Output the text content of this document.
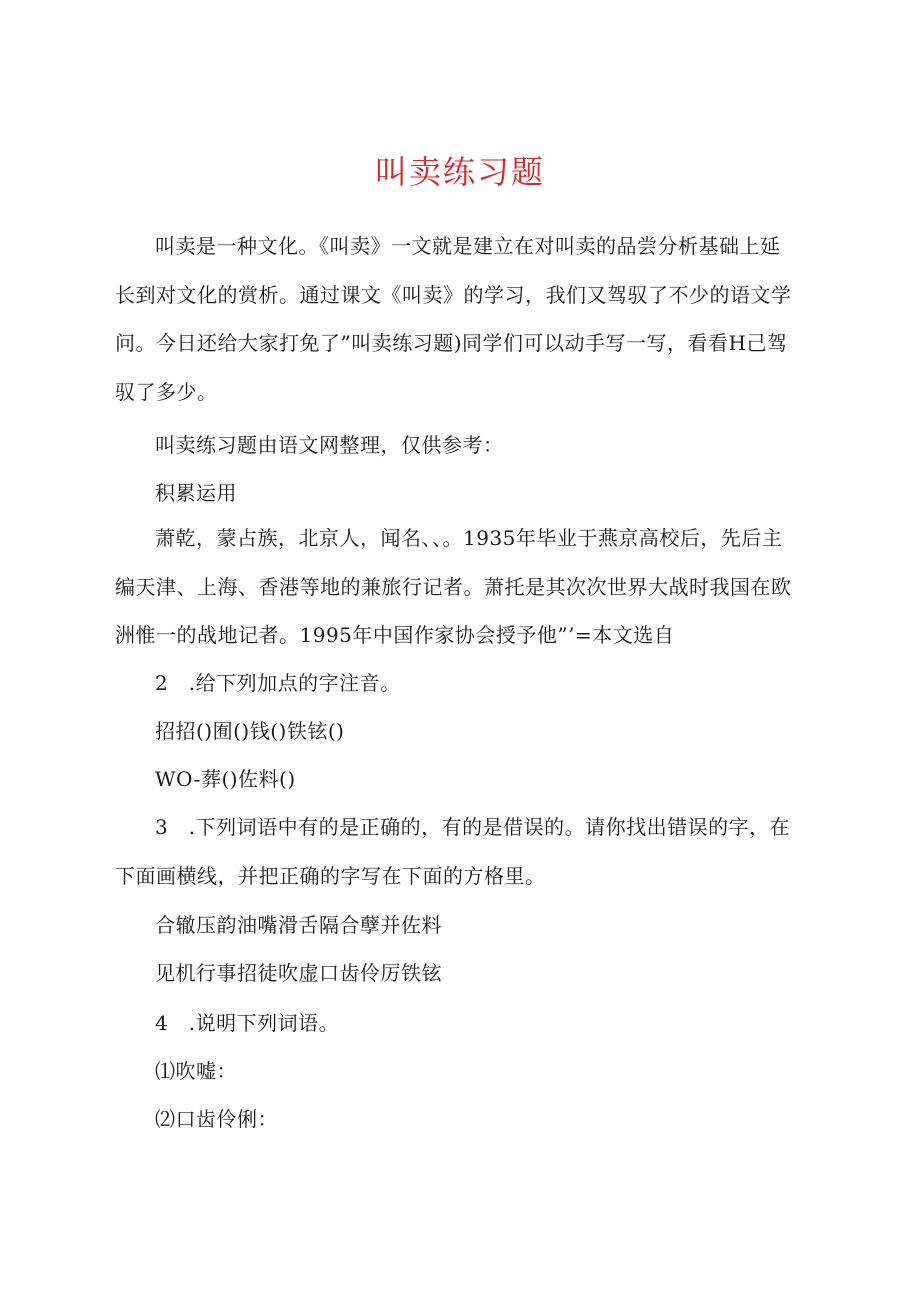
叫卖练习题
叫卖是一种文化。《叫卖》一文就是建立在对叫卖的品尝分析基础上延长到对文化的赏析。通过课文《叫卖》的学习，我们又驾驭了不少的语文学问。今日还给大家打免了”叫卖练习题)同学们可以动手写一写，看看H己驾驭了多少。
叫卖练习题由语文网整理，仅供参考：
积累运用
萧乾，蒙占族，北京人，闻名、、。1935年毕业于燕京高校后，先后主编天津、上海、香港等地的兼旅行记者。萧托是其次次世界大战时我国在欧洲惟一的战地记者。1995年中国作家协会授予他”’=本文选自
2　.给下列加点的字注音。
招招()囿()钱()铁铉()
WO-葬()佐料()
3　.下列词语中有的是正确的，有的是借误的。请你找出错误的字，在下面画横线，并把正确的字写在下面的方格里。
合辙压韵油嘴滑舌隔合孽并佐料
见机行事招徒吹虚口齿伶厉铁铉
4　.说明下列词语。
⑴吹嘘：
⑵口齿伶俐：
